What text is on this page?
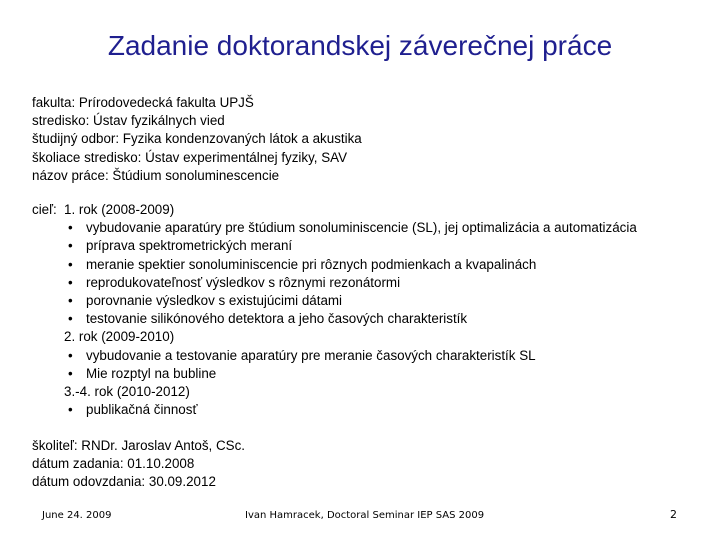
Zadanie doktorandskej záverečnej práce
fakulta: Prírodovedecká fakulta UPJŠ
stredisko: Ústav fyzikálnych vied
študijný odbor: Fyzika kondenzovaných látok a akustika
školiace stredisko: Ústav experimentálnej fyziky, SAV
názov práce: Štúdium sonoluminescencie
cieľ: 1. rok (2008-2009)
• vybudovanie aparatúry pre štúdium sonoluminiscencie (SL), jej optimalizácia a automatizácia
• príprava spektrometrických meraní
• meranie spektier sonoluminiscencie pri rôznych podmienkach a kvapalinách
• reprodukovateľnosť výsledkov s rôznymi rezonátormi
• porovnanie výsledkov s existujúcimi dátami
• testovanie silikónového detektora a jeho časových charakteristík
2. rok (2009-2010)
• vybudovanie a testovanie aparatúry pre meranie časových charakteristík SL
• Mie rozptyl na bubline
3.-4. rok (2010-2012)
• publikačná činnosť
školiteľ: RNDr. Jaroslav Antoš, CSc.
dátum zadania: 01.10.2008
dátum odovzdania: 30.09.2012
June 24. 2009	Ivan Hamracek, Doctoral Seminar IEP SAS 2009	2
